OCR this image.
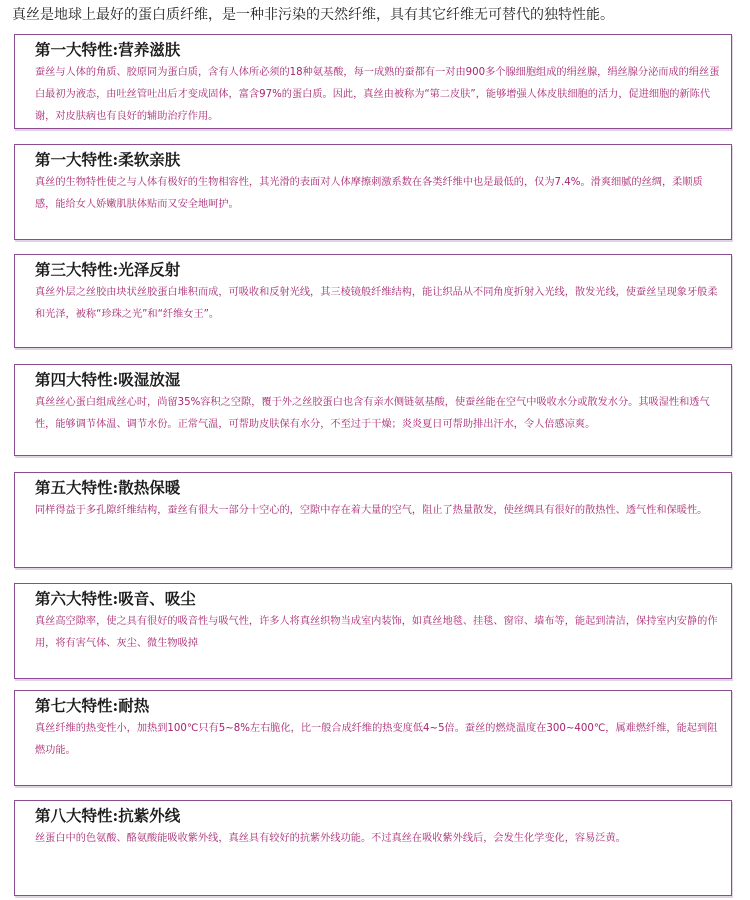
真丝是地球上最好的蛋白质纤维，是一种非污染的天然纤维，具有其它纤维无可替代的独特性能。
第一大特性:营养滋肤
蚕丝与人体的角质、胶原同为蛋白质，含有人体所必须的18种氨基酸，每一成熟的蚕都有一对由900多个腺细胞组成的绢丝腺，绢丝腺分泌而成的绢丝蛋白最初为液态，由吐丝管吐出后才变成固体，富含97%的蛋白质。因此，真丝由被称为“第二皮肤”，能够增强人体皮肤细胞的活力，促进细胞的新陈代谢，对皮肤病也有良好的辅助治疗作用。
第一大特性:柔软亲肤
真丝的生物特性使之与人体有极好的生物相容性，其光滑的表面对人体摩擦刺激系数在各类纤维中也是最低的，仅为7.4%。滑爽细腻的丝绸，柔顺质感，能给女人娇嫩肌肤体贴而又安全地呵护。
第三大特性:光泽反射
真丝外层之丝胶由块状丝胶蛋白堆积而成，可吸收和反射光线，其三棱镜般纤维结构，能让织品从不同角度折射入光线，散发光线，使蚕丝呈现象牙般柔和光泽，被称“珍珠之光”和“纤维女王”。
第四大特性:吸湿放湿
真丝丝心蛋白组成丝心时，尚留35%容积之空隙，覆于外之丝胶蛋白也含有亲水侧链氨基酸，使蚕丝能在空气中吸收水分或散发水分。其吸湿性和透气性，能够调节体温、调节水份。正常气温，可帮助皮肤保有水分，不至过于干燥；炎炎夏日可帮助排出汗水，令人倍感凉爽。
第五大特性:散热保暖
同样得益于多孔隙纤维结构，蚕丝有很大一部分十空心的，空隙中存在着大量的空气，阻止了热量散发，使丝绸具有很好的散热性、透气性和保暖性。
第六大特性:吸音、吸尘
真丝高空隙率，使之具有很好的吸音性与吸气性，许多人将真丝织物当成室内装饰，如真丝地毯、挂毯、窗帘、墙布等，能起到清洁，保持室内安静的作用，将有害气体、灰尘、微生物吸掉
第七大特性:耐热
真丝纤维的热变性小，加热到100℃只有5~8%左右脆化，比一般合成纤维的热变度低4~5倍。蚕丝的燃烧温度在300~400℃，属难燃纤维，能起到阻燃功能。
第八大特性:抗紫外线
丝蛋白中的色氨酸、酪氨酸能吸收紫外线，真丝具有较好的抗紫外线功能。不过真丝在吸收紫外线后，会发生化学变化，容易泛黄。
